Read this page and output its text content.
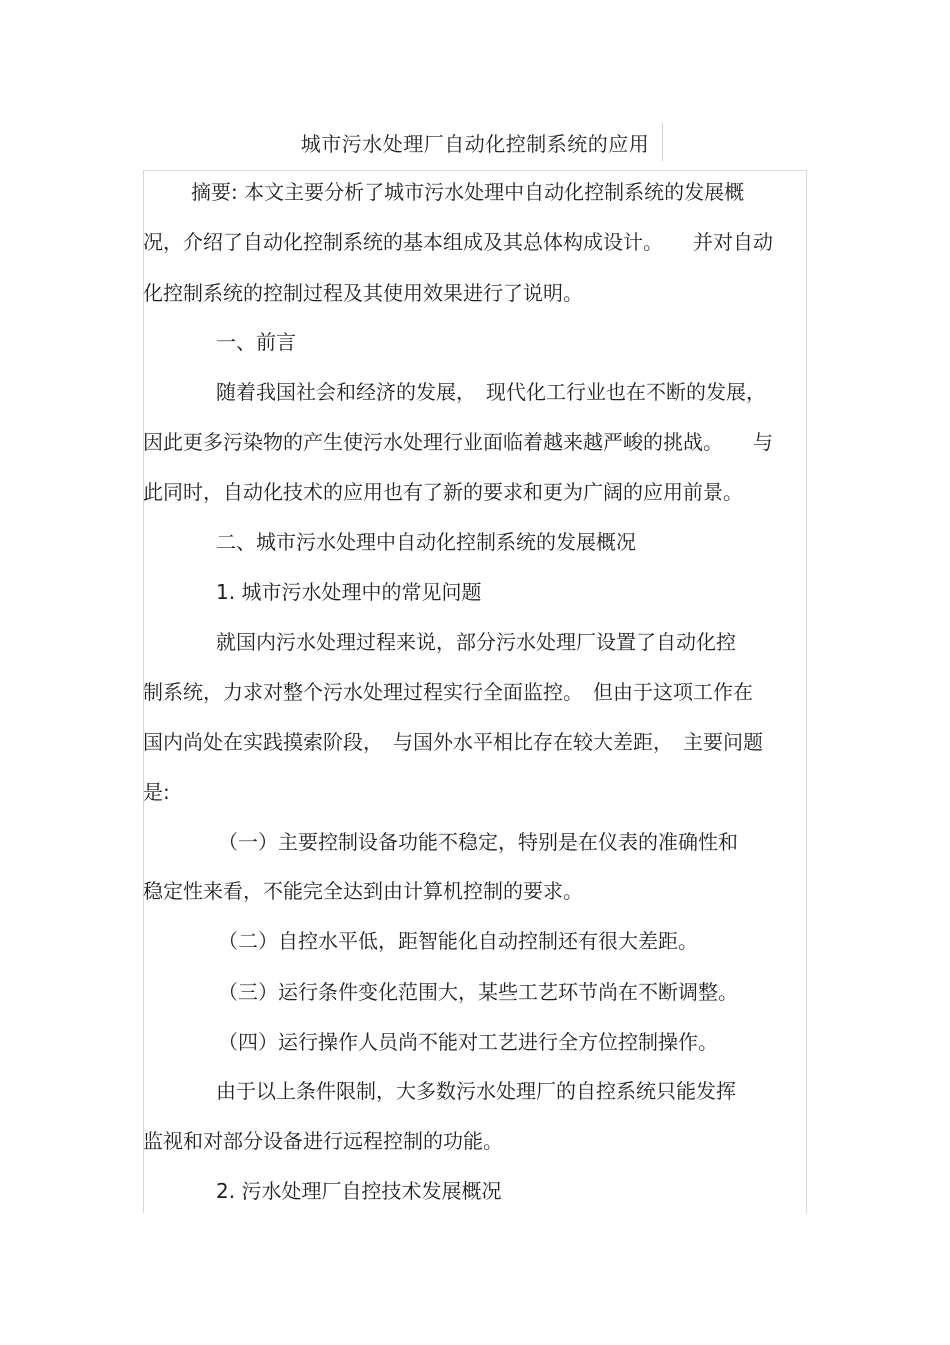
城市污水处理厂自动化控制系统的应用
摘要: 本文主要分析了城市污水处理中自动化控制系统的发展概
况，介绍了自动化控制系统的基本组成及其总体构成设计。　　并对自动
化控制系统的控制过程及其使用效果进行了说明。
一、前言
随着我国社会和经济的发展，　现代化工行业也在不断的发展，
因此更多污染物的产生使污水处理行业面临着越来越严峻的挑战。　　与
此同时，自动化技术的应用也有了新的要求和更为广阔的应用前景。
二、城市污水处理中自动化控制系统的发展概况
1. 城市污水处理中的常见问题
就国内污水处理过程来说，部分污水处理厂设置了自动化控
制系统，力求对整个污水处理过程实行全面监控。　但由于这项工作在
国内尚处在实践摸索阶段，　与国外水平相比存在较大差距，　主要问题
是:
（一）主要控制设备功能不稳定，特别是在仪表的准确性和
稳定性来看，不能完全达到由计算机控制的要求。
（二）自控水平低，距智能化自动控制还有很大差距。
（三）运行条件变化范围大，某些工艺环节尚在不断调整。
（四）运行操作人员尚不能对工艺进行全方位控制操作。
由于以上条件限制，大多数污水处理厂的自控系统只能发挥
监视和对部分设备进行远程控制的功能。
2. 污水处理厂自控技术发展概况
